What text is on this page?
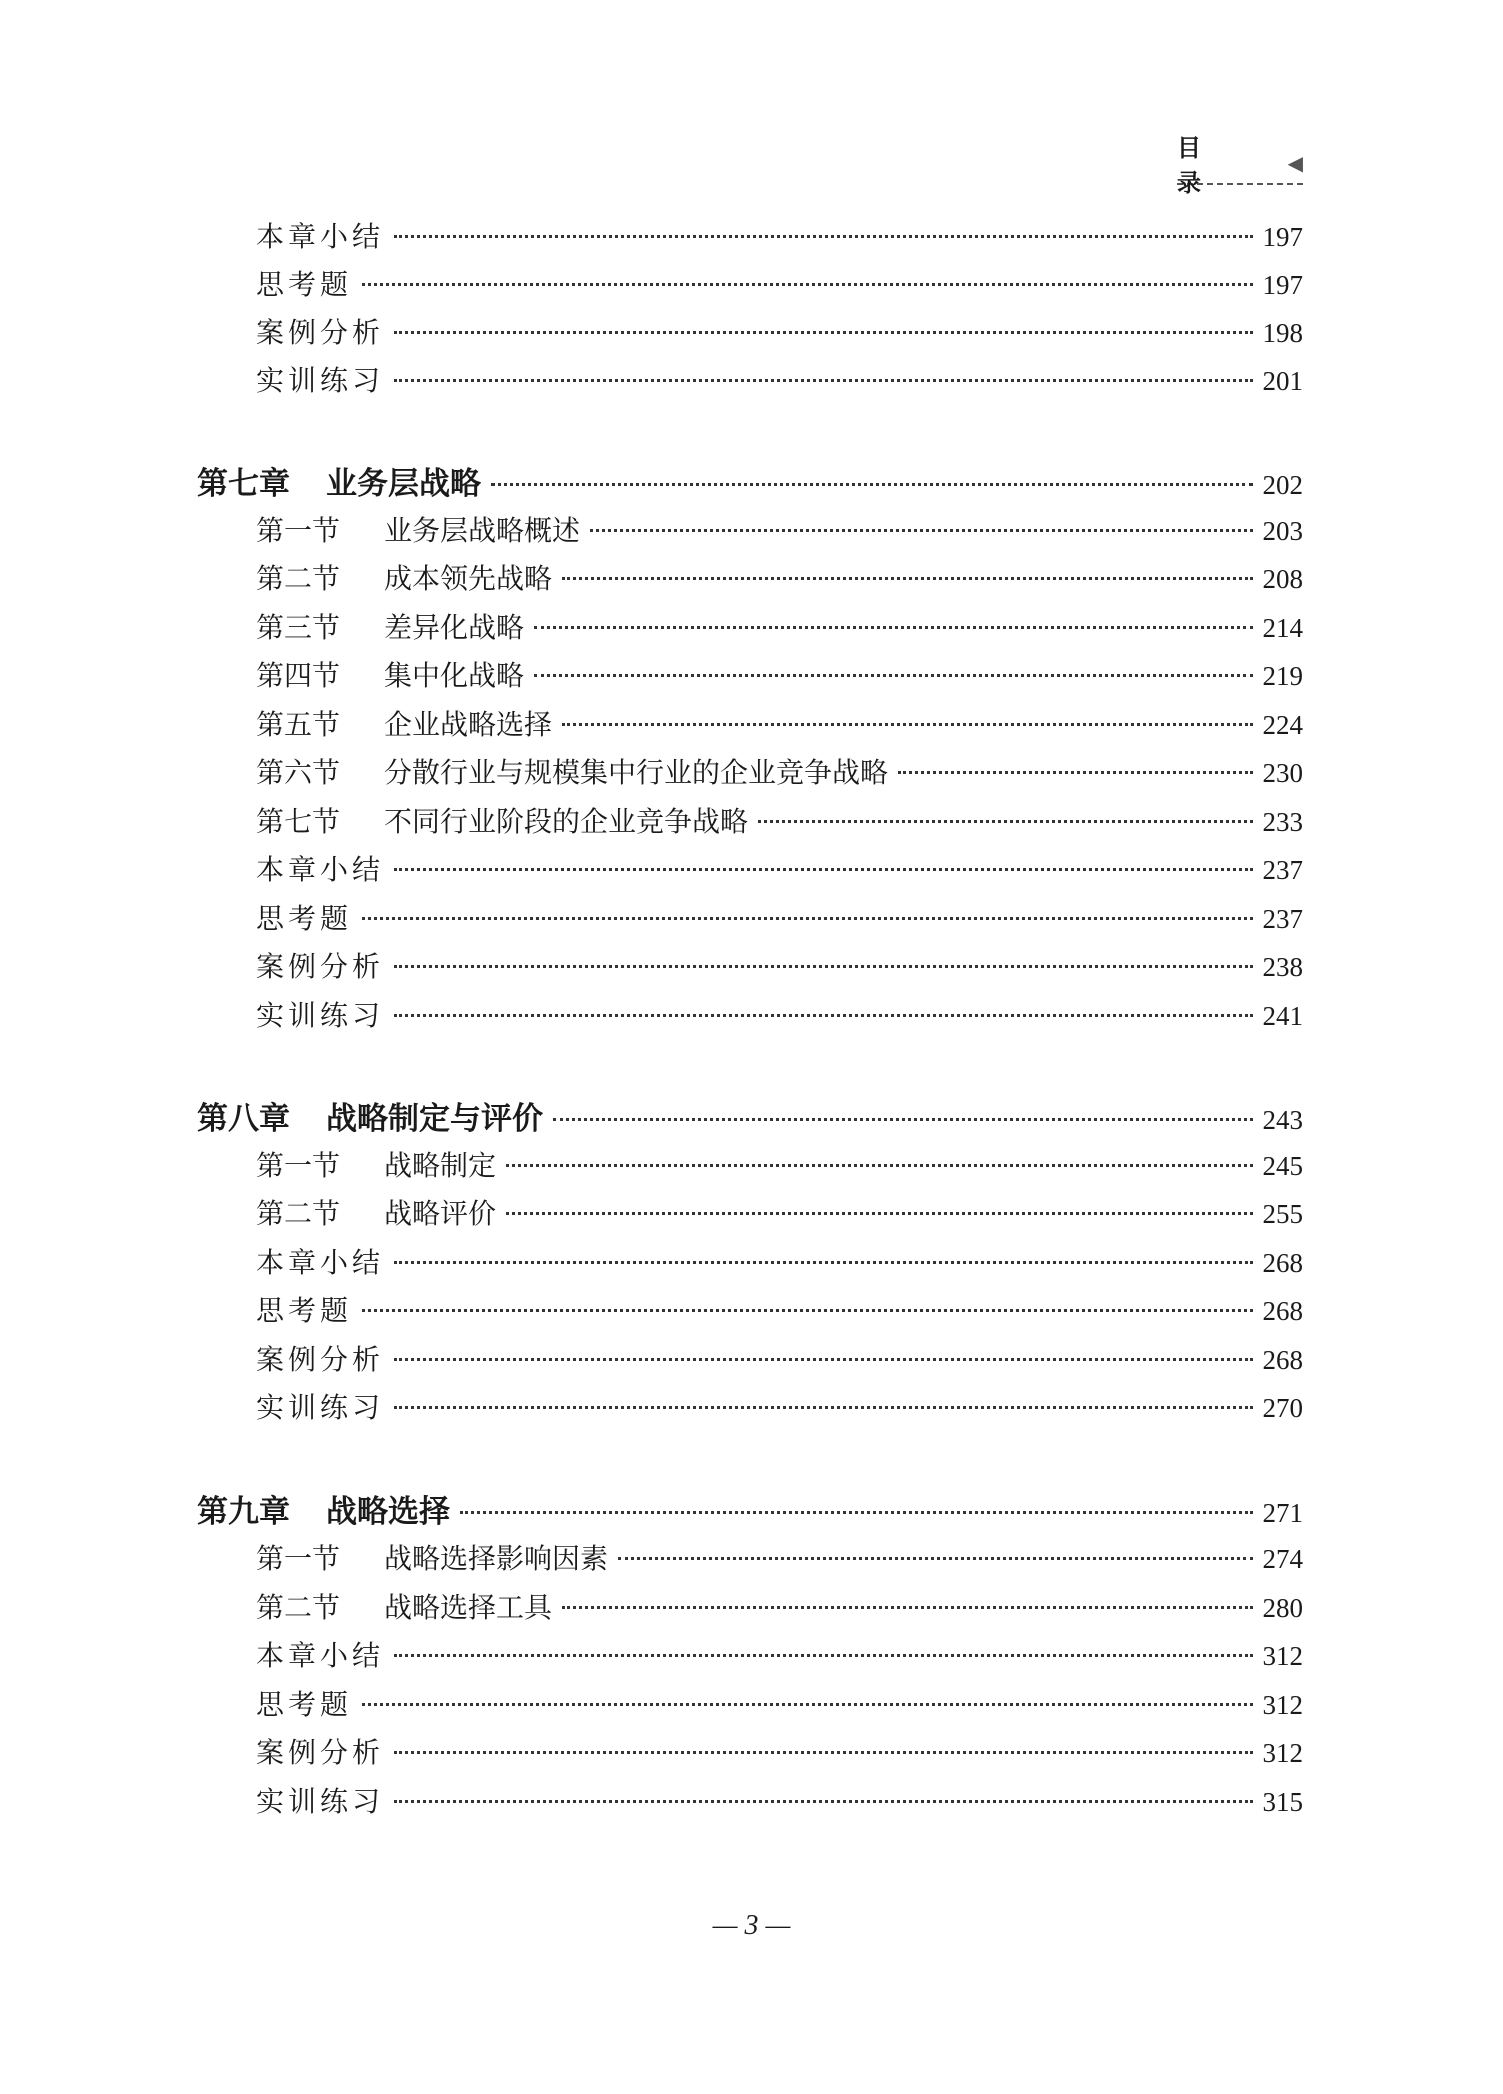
目　录
◀
本章小结	197
思考题	197
案例分析	198
实训练习	201
第七章 业务层战略	202
第一节 业务层战略概述	203
第二节 成本领先战略	208
第三节 差异化战略	214
第四节 集中化战略	219
第五节 企业战略选择	224
第六节 分散行业与规模集中行业的企业竞争战略	230
第七节 不同行业阶段的企业竞争战略	233
本章小结	237
思考题	237
案例分析	238
实训练习	241
第八章 战略制定与评价	243
第一节 战略制定	245
第二节 战略评价	255
本章小结	268
思考题	268
案例分析	268
实训练习	270
第九章 战略选择	271
第一节 战略选择影响因素	274
第二节 战略选择工具	280
本章小结	312
思考题	312
案例分析	312
实训练习	315
— 3 —
